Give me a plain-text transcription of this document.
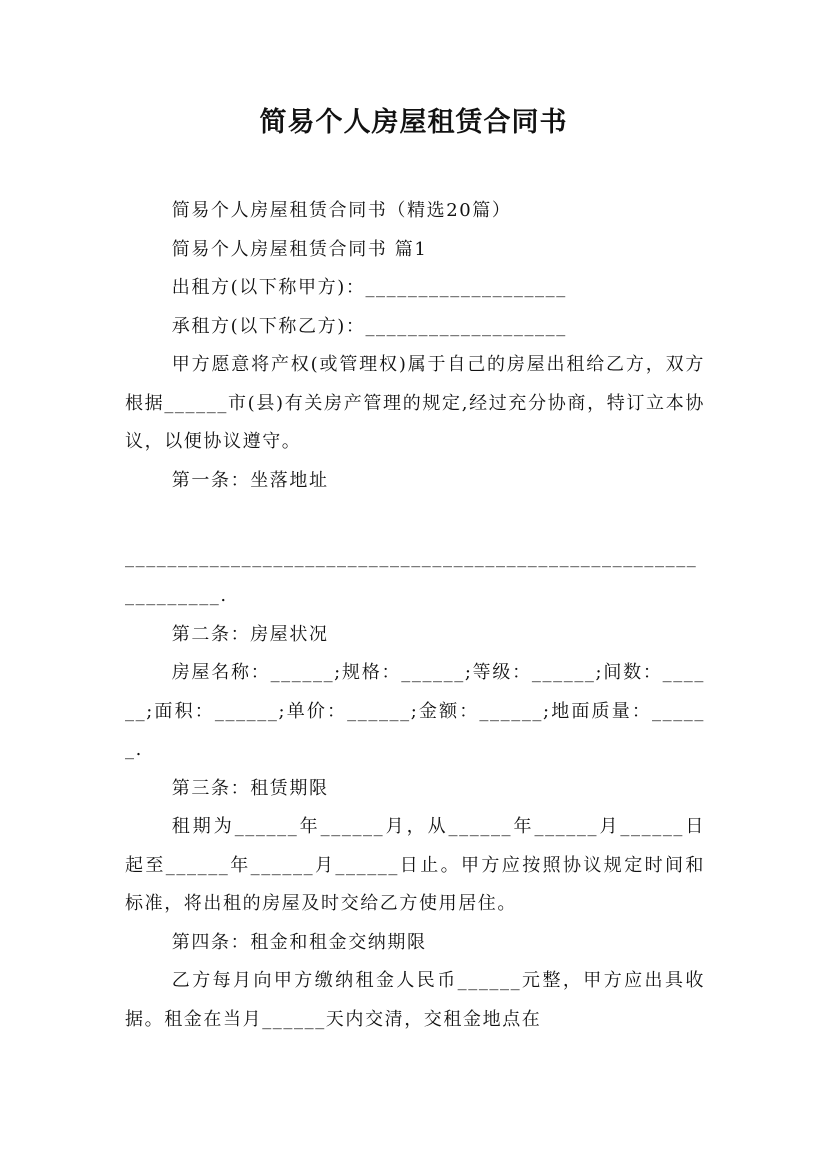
简易个人房屋租赁合同书

简易个人房屋租赁合同书（精选20篇）

简易个人房屋租赁合同书 篇1

出租方(以下称甲方)：___________________

承租方(以下称乙方)：___________________

甲方愿意将产权(或管理权)属于自己的房屋出租给乙方，双方根据______市(县)有关房产管理的规定,经过充分协商，特订立本协议，以便协议遵守。

第一条：坐落地址

_______________________________________________________________.

第二条：房屋状况

房屋名称：______;规格：______;等级：______;间数：______;面积：______;单价：______;金额：______;地面质量：______.

第三条：租赁期限

租期为______年______月，从______年______月______日起至______年______月______日止。甲方应按照协议规定时间和标准，将出租的房屋及时交给乙方使用居住。

第四条：租金和租金交纳期限

乙方每月向甲方缴纳租金人民币______元整，甲方应出具收据。租金在当月______天内交清，交租金地点在
